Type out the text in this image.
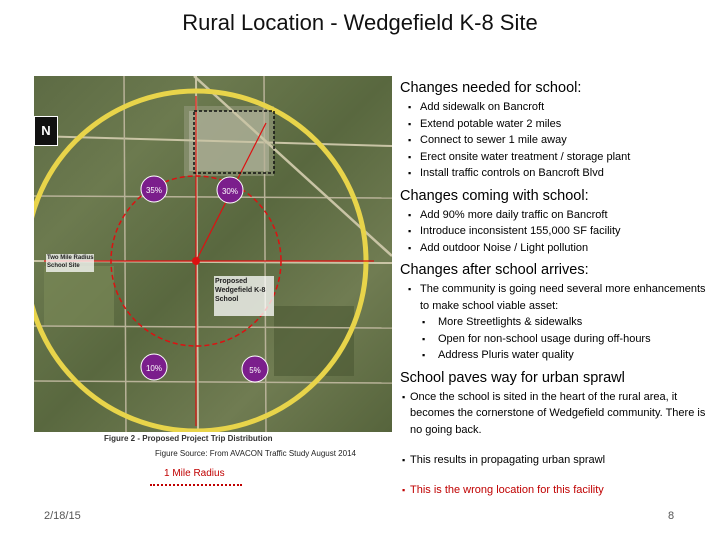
Rural Location - Wedgefield K-8 Site
35%	30%
10%	5%
Proposed Wedgefield K-8 School
Two Mile Radius School Site
N
Figure 2 - Proposed Project Trip Distribution
Figure Source: From AVACON Traffic Study August 2014
1 Mile Radius

Changes needed for school:

▪ Add sidewalk on Bancroft
▪ Extend potable water 2 miles
▪ Connect to sewer 1 mile away
▪ Erect onsite water treatment / storage plant
▪ Install traffic controls on Bancroft Blvd

Changes coming with school:

▪ Add 90% more daily traffic on Bancroft
▪ Introduce inconsistent 155,000 SF facility
▪ Add outdoor Noise / Light pollution

Changes after school arrives:

▪ The community is going need several more enhancements to make school viable asset:
▪ More Streetlights & sidewalks
▪ Open for non-school usage during off-hours
▪ Address Pluris water quality

School paves way for urban sprawl

▪ Once the school is sited in the heart of the rural area, it becomes the cornerstone of Wedgefield community. There is no going back.
▪ This results in propagating urban sprawl
▪ This is the wrong location for this facility
2/18/15	8
